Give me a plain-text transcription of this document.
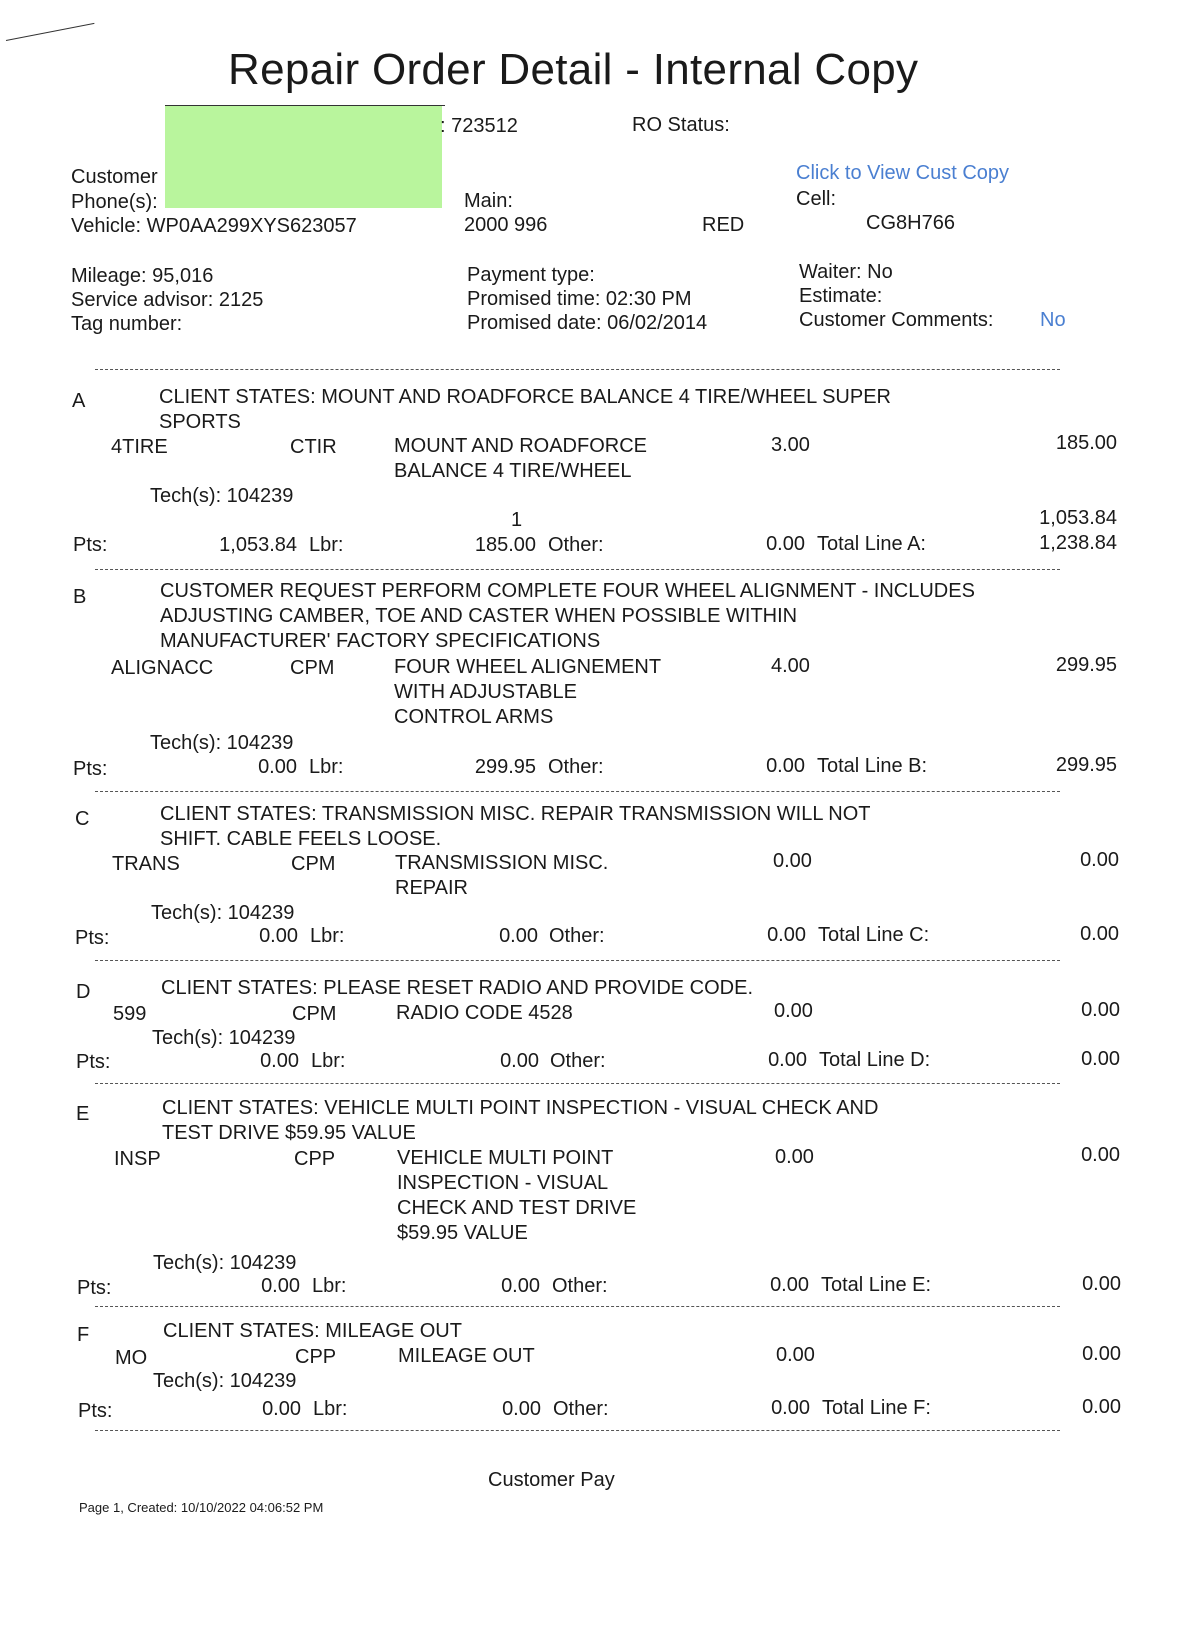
Repair Order Detail - Internal Copy
: 723512	RO Status:
Customer
Phone(s):
Vehicle: WP0AA299XYS623057
Main:
2000 996	RED
Click to View Cust Copy
Cell:
CG8H766
Mileage: 95,016
Service advisor: 2125
Tag number:
Payment type:
Promised time: 02:30 PM
Promised date: 06/02/2014
Waiter: No
Estimate:
Customer Comments: No
A	CLIENT STATES: MOUNT AND ROADFORCE BALANCE 4 TIRE/WHEEL SUPER
SPORTS
4TIRE	CTIR	MOUNT AND ROADFORCE
BALANCE 4 TIRE/WHEEL
3.00	185.00
Tech(s): 104239
1	1,053.84
Pts:	1,053.84 Lbr:	185.00 Other:	0.00 Total Line A:	1,238.84
B	CUSTOMER REQUEST PERFORM COMPLETE FOUR WHEEL ALIGNMENT - INCLUDES
ADJUSTING CAMBER, TOE AND CASTER WHEN POSSIBLE WITHIN
MANUFACTURER' FACTORY SPECIFICATIONS
ALIGNACC	CPM	FOUR WHEEL ALIGNEMENT
WITH ADJUSTABLE
CONTROL ARMS
4.00	299.95
Tech(s): 104239
Pts:	0.00 Lbr:	299.95 Other:	0.00 Total Line B:	299.95
C	CLIENT STATES: TRANSMISSION MISC. REPAIR TRANSMISSION WILL NOT
SHIFT. CABLE FEELS LOOSE.
TRANS	CPM	TRANSMISSION MISC.
REPAIR
0.00	0.00
Tech(s): 104239
Pts:	0.00 Lbr:	0.00 Other:	0.00 Total Line C:	0.00
D	CLIENT STATES: PLEASE RESET RADIO AND PROVIDE CODE.
599	CPM	RADIO CODE 4528	0.00	0.00
Tech(s): 104239
Pts:	0.00 Lbr:	0.00 Other:	0.00 Total Line D:	0.00
E	CLIENT STATES: VEHICLE MULTI POINT INSPECTION - VISUAL CHECK AND
TEST DRIVE $59.95 VALUE
INSP	CPP	VEHICLE MULTI POINT
INSPECTION - VISUAL
CHECK AND TEST DRIVE
$59.95 VALUE
0.00	0.00
Tech(s): 104239
Pts:	0.00 Lbr:	0.00 Other:	0.00 Total Line E:	0.00
F	CLIENT STATES: MILEAGE OUT
MO	CPP	MILEAGE OUT	0.00	0.00
Tech(s): 104239
Pts:	0.00 Lbr:	0.00 Other:	0.00 Total Line F:	0.00
Customer Pay
Page 1, Created: 10/10/2022 04:06:52 PM
